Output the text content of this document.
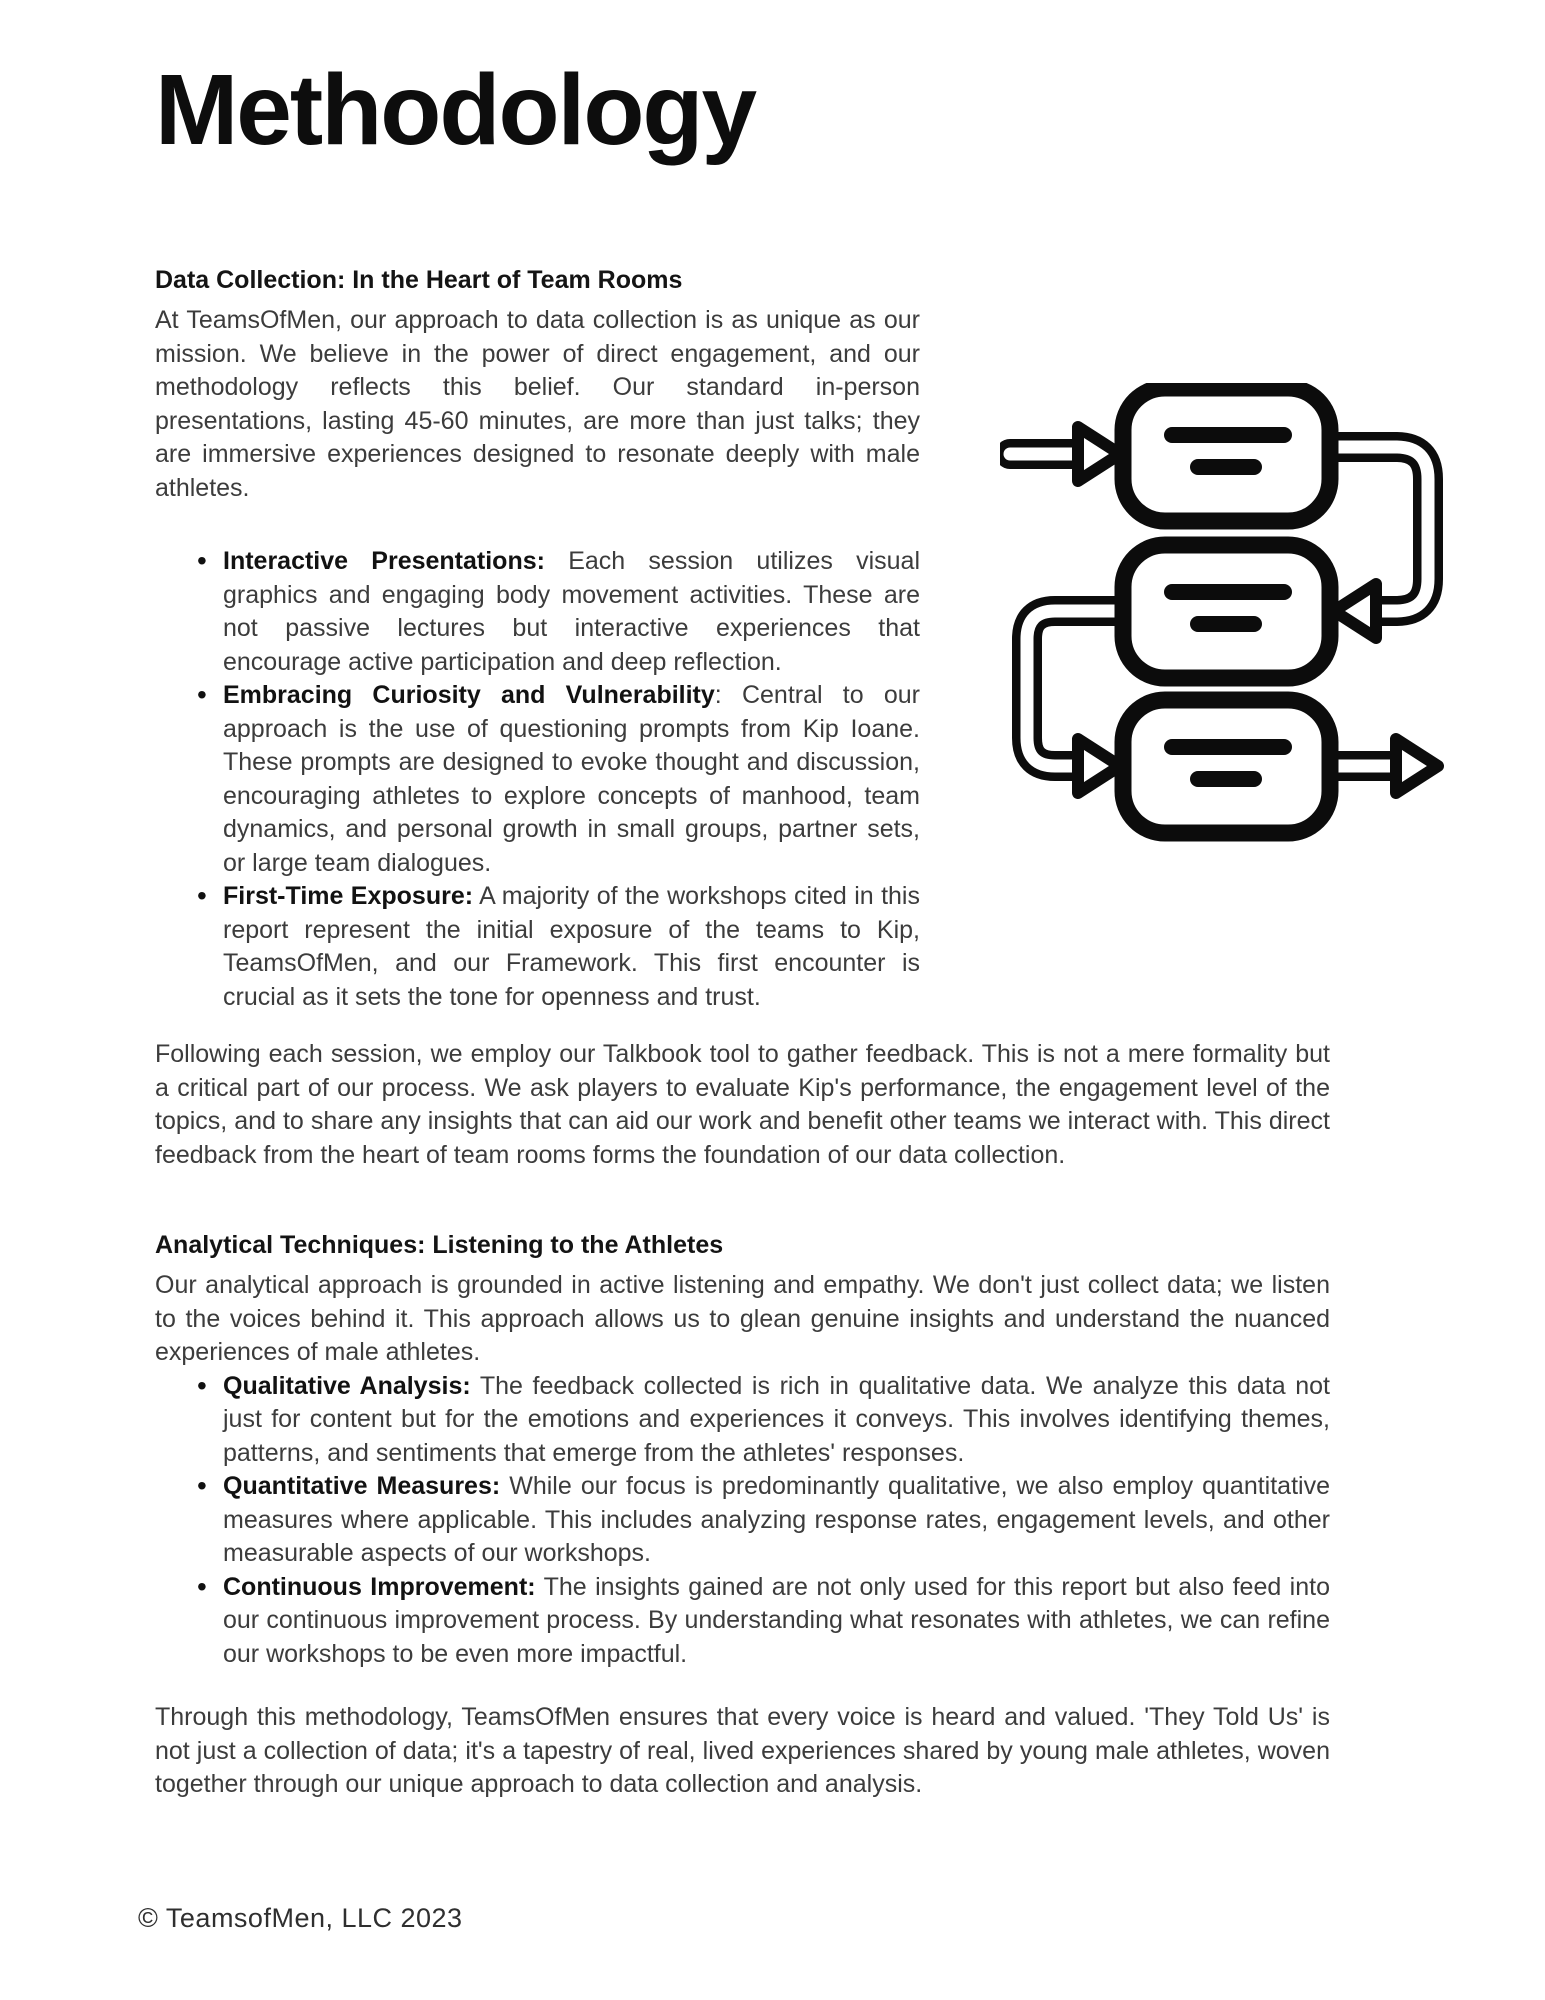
Methodology
Data Collection: In the Heart of Team Rooms

At TeamsOfMen, our approach to data collection is as unique as our mission. We believe in the power of direct engagement, and our methodology reflects this belief. Our standard in-person presentations, lasting 45-60 minutes, are more than just talks; they are immersive experiences designed to resonate deeply with male athletes.

• Interactive Presentations: Each session utilizes visual graphics and engaging body movement activities. These are not passive lectures but interactive experiences that encourage active participation and deep reflection.
• Embracing Curiosity and Vulnerability: Central to our approach is the use of questioning prompts from Kip Ioane. These prompts are designed to evoke thought and discussion, encouraging athletes to explore concepts of manhood, team dynamics, and personal growth in small groups, partner sets, or large team dialogues.
• First-Time Exposure: A majority of the workshops cited in this report represent the initial exposure of the teams to Kip, TeamsOfMen, and our Framework. This first encounter is crucial as it sets the tone for openness and trust.

Following each session, we employ our Talkbook tool to gather feedback. This is not a mere formality but a critical part of our process. We ask players to evaluate Kip's performance, the engagement level of the topics, and to share any insights that can aid our work and benefit other teams we interact with. This direct feedback from the heart of team rooms forms the foundation of our data collection.

Analytical Techniques: Listening to the Athletes

Our analytical approach is grounded in active listening and empathy. We don't just collect data; we listen to the voices behind it. This approach allows us to glean genuine insights and understand the nuanced experiences of male athletes.

• Qualitative Analysis: The feedback collected is rich in qualitative data. We analyze this data not just for content but for the emotions and experiences it conveys. This involves identifying themes, patterns, and sentiments that emerge from the athletes' responses.
• Quantitative Measures: While our focus is predominantly qualitative, we also employ quantitative measures where applicable. This includes analyzing response rates, engagement levels, and other measurable aspects of our workshops.
• Continuous Improvement: The insights gained are not only used for this report but also feed into our continuous improvement process. By understanding what resonates with athletes, we can refine our workshops to be even more impactful.

Through this methodology, TeamsOfMen ensures that every voice is heard and valued. 'They Told Us' is not just a collection of data; it's a tapestry of real, lived experiences shared by young male athletes, woven together through our unique approach to data collection and analysis.

© TeamsofMen, LLC 2023
